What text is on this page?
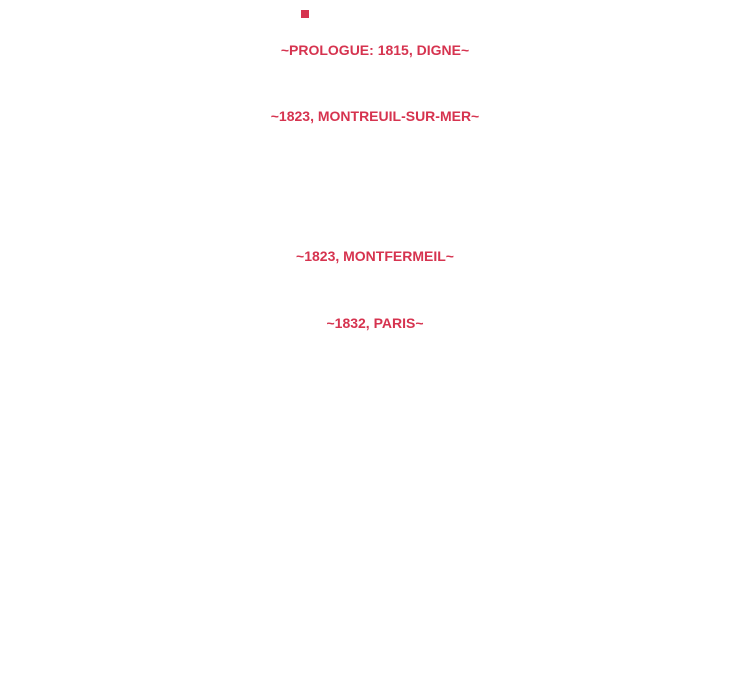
~PROLOGUE: 1815, DIGNE~
~1823, MONTREUIL-SUR-MER~
~1823, MONTFERMEIL~
~1832, PARIS~
